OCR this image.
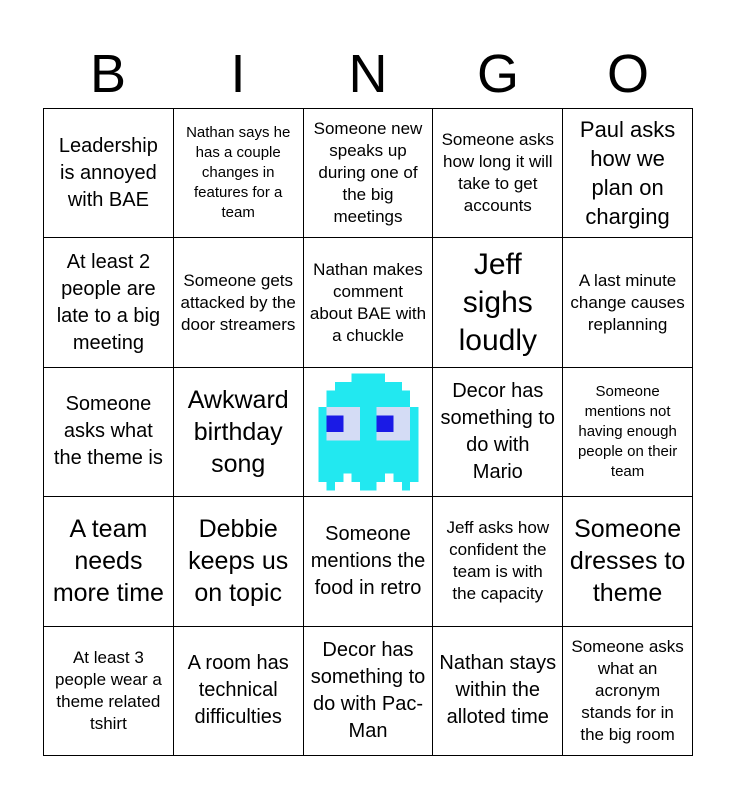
B	I	N	G	O
Leadership is annoyed with BAE
Nathan says he has a couple changes in features for a team
Someone new speaks up during one of the big meetings
Someone asks how long it will take to get accounts
Paul asks how we plan on charging
At least 2 people are late to a big meeting
Someone gets attacked by the door streamers
Nathan makes comment about BAE with a chuckle
Jeff sighs loudly
A last minute change causes replanning
Someone asks what the theme is
Awkward birthday song
Decor has something to do with Mario
Someone mentions not having enough people on their team
A team needs more time
Debbie keeps us on topic
Someone mentions the food in retro
Jeff asks how confident the team is with the capacity
Someone dresses to theme
At least 3 people wear a theme related tshirt
A room has technical difficulties
Decor has something to do with Pac-Man
Nathan stays within the alloted time
Someone asks what an acronym stands for in the big room
